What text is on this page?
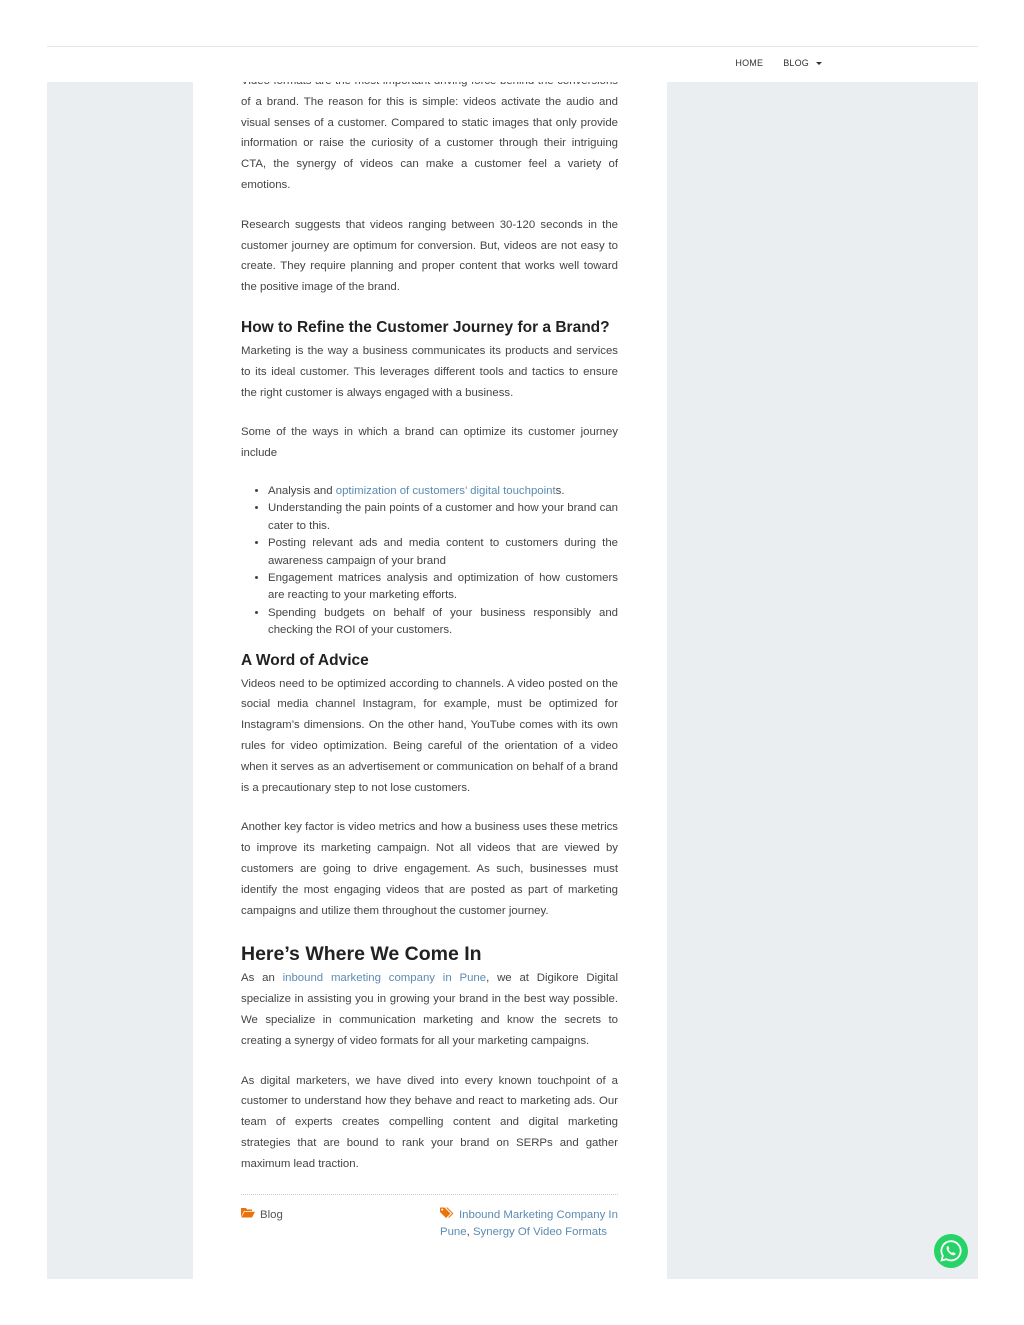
HOME BLOG

of a brand. The reason for this is simple: videos activate the audio and visual senses of a customer. Compared to static images that only provide information or raise the curiosity of a customer through their intriguing CTA, the synergy of videos can make a customer feel a variety of emotions.

Research suggests that videos ranging between 30-120 seconds in the customer journey are optimum for conversion. But, videos are not easy to create. They require planning and proper content that works well toward the positive image of the brand.

How to Refine the Customer Journey for a Brand?

Marketing is the way a business communicates its products and services to its ideal customer. This leverages different tools and tactics to ensure the right customer is always engaged with a business.

Some of the ways in which a brand can optimize its customer journey include

• Analysis and optimization of customers’ digital touchpoints.
• Understanding the pain points of a customer and how your brand can cater to this.
• Posting relevant ads and media content to customers during the awareness campaign of your brand
• Engagement matrices analysis and optimization of how customers are reacting to your marketing efforts.
• Spending budgets on behalf of your business responsibly and checking the ROI of your customers.
A Word of Advice

Videos need to be optimized according to channels. A video posted on the social media channel Instagram, for example, must be optimized for Instagram’s dimensions. On the other hand, YouTube comes with its own rules for video optimization. Being careful of the orientation of a video when it serves as an advertisement or communication on behalf of a brand is a precautionary step to not lose customers.

Another key factor is video metrics and how a business uses these metrics to improve its marketing campaign. Not all videos that are viewed by customers are going to drive engagement. As such, businesses must identify the most engaging videos that are posted as part of marketing campaigns and utilize them throughout the customer journey.

Here’s Where We Come In

As an inbound marketing company in Pune, we at Digikore Digital specialize in assisting you in growing your brand in the best way possible. We specialize in communication marketing and know the secrets to creating a synergy of video formats for all your marketing campaigns.

As digital marketers, we have dived into every known touchpoint of a customer to understand how they behave and react to marketing ads. Our team of experts creates compelling content and digital marketing strategies that are bound to rank your brand on SERPs and gather maximum lead traction.

Blog	Inbound Marketing Company In Pune, Synergy Of Video Formats
